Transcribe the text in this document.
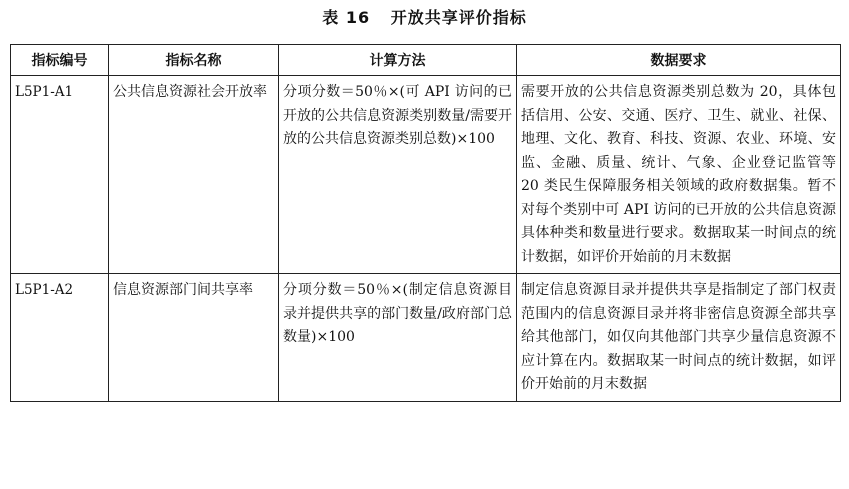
表 16 开放共享评价指标
指标编号	指标名称	计算方法	数据要求
L5P1-A1	公共信息资源社会开放率	分项分数＝50％×(可 API 访问的已开放的公共信息资源类别数量/需要开放的公共信息资源类别总数)×100	需要开放的公共信息资源类别总数为 20，具体包括信用、公安、交通、医疗、卫生、就业、社保、地理、文化、教育、科技、资源、农业、环境、安监、金融、质量、统计、气象、企业登记监管等 20 类民生保障服务相关领域的政府数据集。暂不对每个类别中可 API 访问的已开放的公共信息资源具体种类和数量进行要求。数据取某一时间点的统计数据，如评价开始前的月末数据
L5P1-A2	信息资源部门间共享率	分项分数＝50％×(制定信息资源目录并提供共享的部门数量/政府部门总数量)×100	制定信息资源目录并提供共享是指制定了部门权责范围内的信息资源目录并将非密信息资源全部共享给其他部门，如仅向其他部门共享少量信息资源不应计算在内。数据取某一时间点的统计数据，如评价开始前的月末数据
